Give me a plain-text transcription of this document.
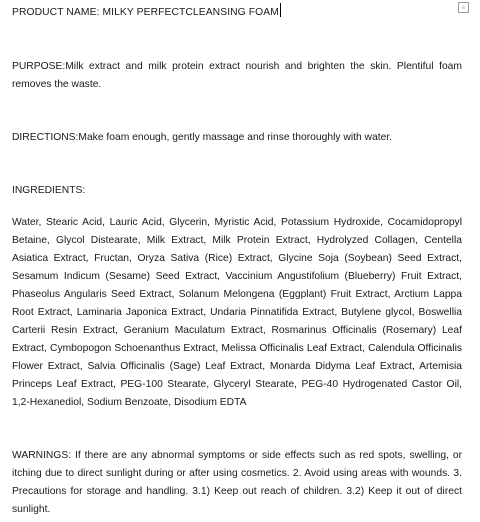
PRODUCT NAME: MILKY PERFECTCLEANSING FOAM

PURPOSE:Milk extract and milk protein extract nourish and brighten the skin. Plentiful foam removes the waste.

DIRECTIONS:Make foam enough, gently massage and rinse thoroughly with water.

INGREDIENTS:

Water, Stearic Acid, Lauric Acid, Glycerin, Myristic Acid, Potassium Hydroxide, Cocamidopropyl Betaine, Glycol Distearate, Milk Extract, Milk Protein Extract, Hydrolyzed Collagen, Centella Asiatica Extract, Fructan, Oryza Sativa (Rice) Extract, Glycine Soja (Soybean) Seed Extract, Sesamum Indicum (Sesame) Seed Extract, Vaccinium Angustifolium (Blueberry) Fruit Extract, Phaseolus Angularis Seed Extract, Solanum Melongena (Eggplant) Fruit Extract, Arctium Lappa Root Extract, Laminaria Japonica Extract, Undaria Pinnatifida Extract, Butylene glycol, Boswellia Carterii Resin Extract, Geranium Maculatum Extract, Rosmarinus Officinalis (Rosemary) Leaf Extract, Cymbopogon Schoenanthus Extract, Melissa Officinalis Leaf Extract, Calendula Officinalis Flower Extract, Salvia Officinalis (Sage) Leaf Extract, Monarda Didyma Leaf Extract, Artemisia Princeps Leaf Extract, PEG-100 Stearate, Glyceryl Stearate, PEG-40 Hydrogenated Castor Oil, 1,2-Hexanediol, Sodium Benzoate, Disodium EDTA

WARNINGS: If there are any abnormal symptoms or side effects such as red spots, swelling, or itching due to direct sunlight during or after using cosmetics. 2. Avoid using areas with wounds. 3. Precautions for storage and handling. 3.1) Keep out reach of children. 3.2) Keep it out of direct sunlight.
